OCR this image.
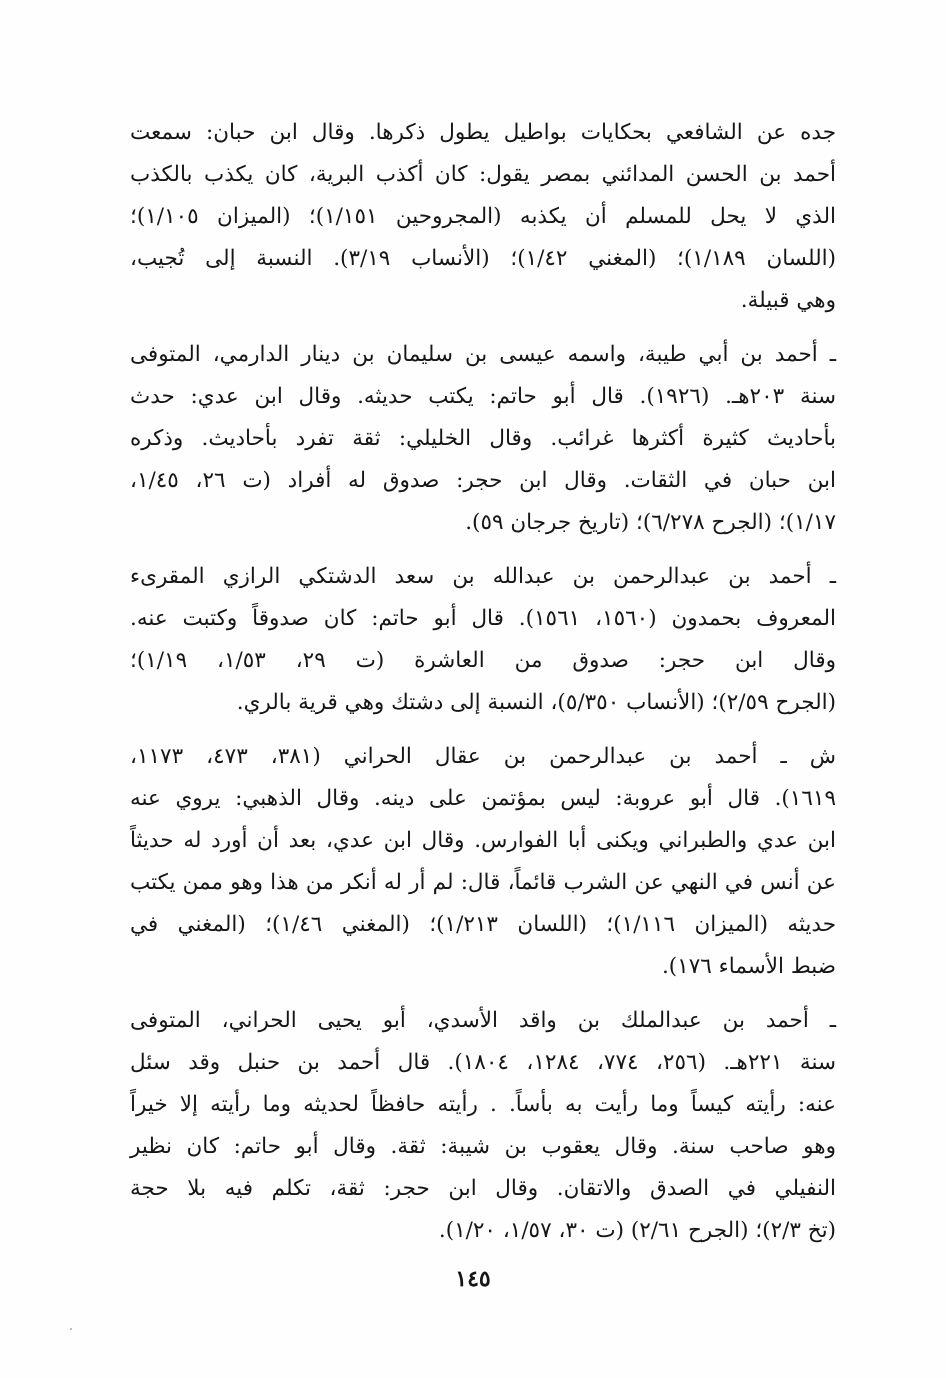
جده عن الشافعي بحكايات بواطيل يطول ذكرها. وقال ابن حبان: سمعت
أحمد بن الحسن المدائني بمصر يقول: كان أكذب البرية، كان يكذب بالكذب
الذي لا يحل للمسلم أن يكذبه (المجروحين ١/١٥١)؛ (الميزان ١/١٠٥)؛
(اللسان ١/١٨٩)؛ (المغني ١/٤٢)؛ (الأنساب ٣/١٩). النسبة إلى تُجيب،
وهي قبيلة.
ـ أحمد بن أبي طيبة، واسمه عيسى بن سليمان بن دينار الدارمي، المتوفى
سنة ٢٠٣هـ. (١٩٢٦). قال أبو حاتم: يكتب حديثه. وقال ابن عدي: حدث
بأحاديث كثيرة أكثرها غرائب. وقال الخليلي: ثقة تفرد بأحاديث. وذكره
ابن حبان في الثقات. وقال ابن حجر: صدوق له أفراد (ت ٢٦، ١/٤٥،
١/١٧)؛ (الجرح ٦/٢٧٨)؛ (تاريخ جرجان ٥٩).
ـ أحمد بن عبدالرحمن بن عبدالله بن سعد الدشتكي الرازي المقرىء
المعروف بحمدون (١٥٦٠، ١٥٦١). قال أبو حاتم: كان صدوقاً وكتبت عنه.
وقال ابن حجر: صدوق من العاشرة (ت ٢٩، ١/٥٣، ١/١٩)؛
(الجرح ٢/٥٩)؛ (الأنساب ٥/٣٥٠)، النسبة إلى دشتك وهي قرية بالري.
ش ـ أحمد بن عبدالرحمن بن عقال الحراني (٣٨١، ٤٧٣، ١١٧٣،
١٦١٩). قال أبو عروبة: ليس بمؤتمن على دينه. وقال الذهبي: يروي عنه
ابن عدي والطبراني ويكنى أبا الفوارس. وقال ابن عدي، بعد أن أورد له حديثاً
عن أنس في النهي عن الشرب قائماً، قال: لم أر له أنكر من هذا وهو ممن يكتب
حديثه (الميزان ١/١١٦)؛ (اللسان ١/٢١٣)؛ (المغني ١/٤٦)؛ (المغني في
ضبط الأسماء ١٧٦).
ـ أحمد بن عبدالملك بن واقد الأسدي، أبو يحيى الحراني، المتوفى
سنة ٢٢١هـ. (٢٥٦، ٧٧٤، ١٢٨٤، ١٨٠٤). قال أحمد بن حنبل وقد سئل
عنه: رأيته كيساً وما رأيت به بأساً. . رأيته حافظاً لحديثه وما رأيته إلا خيراً
وهو صاحب سنة. وقال يعقوب بن شيبة: ثقة. وقال أبو حاتم: كان نظير
النفيلي في الصدق والاتقان. وقال ابن حجر: ثقة، تكلم فيه بلا حجة
(تخ ٢/٣)؛ (الجرح ٢/٦١) (ت ٣٠، ١/٥٧، ١/٢٠).
١٤٥
